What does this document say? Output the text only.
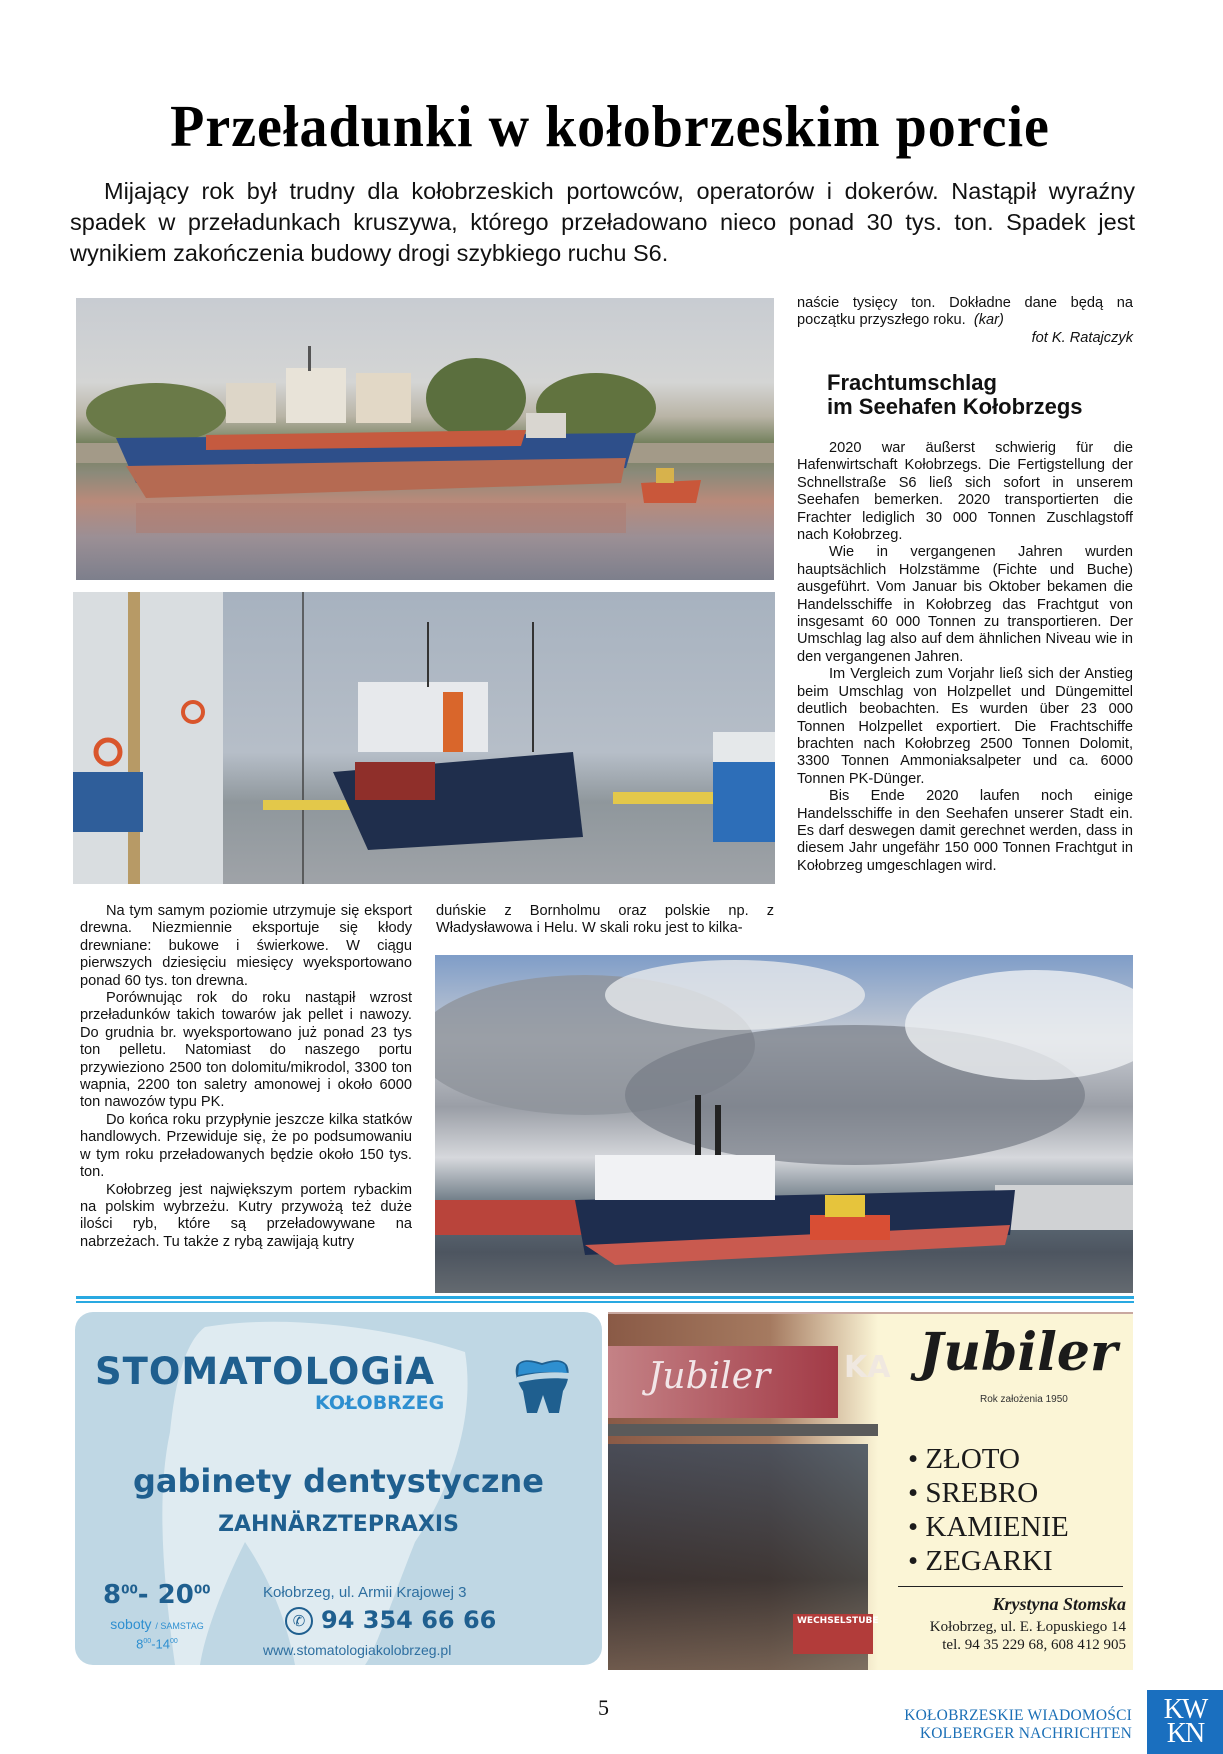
Przeładunki w kołobrzeskim porcie

Mijający rok był trudny dla kołobrzeskich portowców, operatorów i dokerów. Nastąpił wyraźny spadek w przeładunkach kruszywa, którego przeładowano nieco ponad 30 tys. ton. Spadek jest wynikiem zakończenia budowy drogi szybkiego ruchu S6.

Na tym samym poziomie utrzymuje się eksport drewna. Niezmiennie eksportuje się kłody drewniane: bukowe i świerkowe. W ciągu pierwszych dziesięciu miesięcy wyeksportowano ponad 60 tys. ton drewna.

Porównując rok do roku nastąpił wzrost przeładunków takich towarów jak pellet i nawozy. Do grudnia br. wyeksportowano już ponad 23 tys ton pelletu. Natomiast do naszego portu przywieziono 2500 ton dolomitu/mikrodol, 3300 ton wapnia, 2200 ton saletry amonowej i około 6000 ton nawozów typu PK.

Do końca roku przypłynie jeszcze kilka statków handlowych. Przewiduje się, że po podsumowaniu w tym roku przeładowanych będzie około 150 tys. ton.

Kołobrzeg jest największym portem rybackim na polskim wybrzeżu. Kutry przywożą też duże ilości ryb, które są przeładowywane na nabrzeżach. Tu także z rybą zawijają kutry

duńskie z Bornholmu oraz polskie np. z Władysławowa i Helu. W skali roku jest to kilka-

naście tysięcy ton. Dokładne dane będą na początku przyszłego roku. (kar)

fot K. Ratajczyk

Frachtumschlag
im Seehafen Kołobrzegs

2020 war äußerst schwierig für die Hafenwirtschaft Kołobrzegs. Die Fertigstellung der Schnellstraße S6 ließ sich sofort in unserem Seehafen bemerken. 2020 transportierten die Frachter lediglich 30 000 Tonnen Zuschlagstoff nach Kołobrzeg.

Wie in vergangenen Jahren wurden hauptsächlich Holzstämme (Fichte und Buche) ausgeführt. Vom Januar bis Oktober bekamen die Handelsschiffe in Kołobrzeg das Frachtgut von insgesamt 60 000 Tonnen zu transportieren. Der Umschlag lag also auf dem ähnlichen Niveau wie in den vergangenen Jahren.

Im Vergleich zum Vorjahr ließ sich der Anstieg beim Umschlag von Holzpellet und Düngemittel deutlich beobachten. Es wurden über 23 000 Tonnen Holzpellet exportiert. Die Frachtschiffe brachten nach Kołobrzeg 2500 Tonnen Dolomit, 3300 Tonnen Ammoniaksalpeter und ca. 6000 Tonnen PK-Dünger.

Bis Ende 2020 laufen noch einige Handelsschiffe in den Seehafen unserer Stadt ein. Es darf deswegen damit gerechnet werden, dass in diesem Jahr ungefähr 150 000 Tonnen Frachtgut in Kołobrzeg umgeschlagen wird.

STOMATOLOGiA
KOŁOBRZEG
gabinety dentystyczne
ZAHNÄRZTEPRAXIS
$8^{00}-$ $20^{00}$
soboty / SAMSTAG
$8^{00}-14^{00}$
Kołobrzeg, ul. Armii Krajowej 3
✆ 94 354 66 66
www.stomatologiakolobrzeg.pl
Jubiler KA
WECHSELSTUBE
Jubiler
Rok założenia 1950
• ZŁOTO
• SREBRO
• KAMIENIE
• ZEGARKI
Krystyna Stomska
Kołobrzeg, ul. E. Łopuskiego 14
tel. 94 35 229 68, 608 412 905
5	KOŁOBRZESKIE WIADOMOŚCI
KOLBERGER NACHRICHTEN
KW
KN
